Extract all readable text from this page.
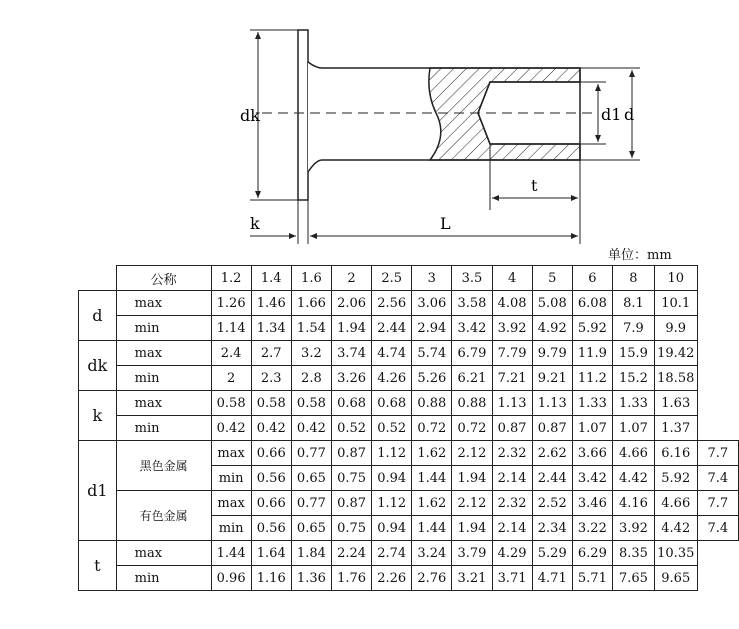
dk	d1 d
t
k	L
单位：mm
	公称	1.2	1.4	1.6	2	2.5	3	3.5	4	5	6	8	10	
d	max	1.26	1.46	1.66	2.06	2.56	3.06	3.58	4.08	5.08	6.08	8.1	10.1	
	min	1.14	1.34	1.54	1.94	2.44	2.94	3.42	3.92	4.92	5.92	7.9	9.9	
dk	max	2.4	2.7	3.2	3.74	4.74	5.74	6.79	7.79	9.79	11.9	15.9	19.42	
	min	2	2.3	2.8	3.26	4.26	5.26	6.21	7.21	9.21	11.2	15.2	18.58	
k	max	0.58	0.58	0.58	0.68	0.68	0.88	0.88	1.13	1.13	1.33	1.33	1.63	
	min	0.42	0.42	0.42	0.52	0.52	0.72	0.72	0.87	0.87	1.07	1.07	1.37	
d1	黑色金属	max	0.66	0.77	0.87	1.12	1.62	2.12	2.32	2.62	3.66	4.66	6.16	7.7
		min	0.56	0.65	0.75	0.94	1.44	1.94	2.14	2.44	3.42	4.42	5.92	7.4
	有色金属	max	0.66	0.77	0.87	1.12	1.62	2.12	2.32	2.52	3.46	4.16	4.66	7.7
		min	0.56	0.65	0.75	0.94	1.44	1.94	2.14	2.34	3.22	3.92	4.42	7.4
t	max	1.44	1.64	1.84	2.24	2.74	3.24	3.79	4.29	5.29	6.29	8.35	10.35	
	min	0.96	1.16	1.36	1.76	2.26	2.76	3.21	3.71	4.71	5.71	7.65	9.65	
